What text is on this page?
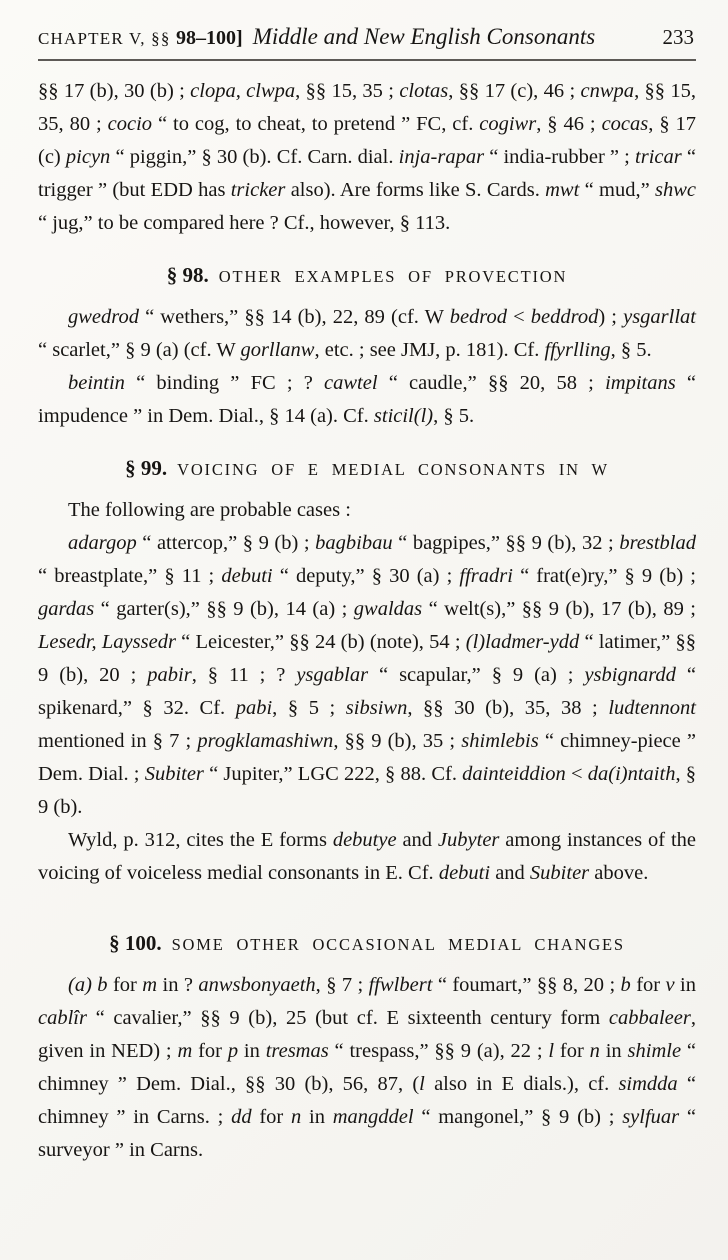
CHAPTER V, §§ 98–100] Middle and New English Consonants	233

§§ 17 (b), 30 (b) ; clopa, clwpa, §§ 15, 35 ; clotas, §§ 17 (c), 46 ; cnwpa, §§ 15, 35, 80 ; cocio “ to cog, to cheat, to pretend ” FC, cf. cogiwr, § 46 ; cocas, § 17 (c) picyn “ piggin,” § 30 (b). Cf. Carn. dial. inja-rapar “ india-rubber ” ; tricar “ trigger ” (but EDD has tricker also). Are forms like S. Cards. mwt “ mud,” shwc “ jug,” to be compared here ? Cf., however, § 113.

§ 98. OTHER EXAMPLES OF PROVECTION

gwedrod “ wethers,” §§ 14 (b), 22, 89 (cf. W bedrod < beddrod) ; ysgarllat “ scarlet,” § 9 (a) (cf. W gorllanw, etc. ; see JMJ, p. 181). Cf. ffyrlling, § 5.

beintin “ binding ” FC ; ? cawtel “ caudle,” §§ 20, 58 ; impitans “ impudence ” in Dem. Dial., § 14 (a). Cf. sticil(l), § 5.

§ 99. VOICING OF E MEDIAL CONSONANTS IN W

The following are probable cases :

adargop “ attercop,” § 9 (b) ; bagbibau “ bagpipes,” §§ 9 (b), 32 ; brestblad “ breastplate,” § 11 ; debuti “ deputy,” § 30 (a) ; ffradri “ frat(e)ry,” § 9 (b) ; gardas “ garter(s),” §§ 9 (b), 14 (a) ; gwaldas “ welt(s),” §§ 9 (b), 17 (b), 89 ; Lesedr, Layssedr “ Leicester,” §§ 24 (b) (note), 54 ; (l)ladmer-ydd “ latimer,” §§ 9 (b), 20 ; pabir, § 11 ; ? ysgablar “ scapular,” § 9 (a) ; ysbignardd “ spikenard,” § 32. Cf. pabi, § 5 ; sibsiwn, §§ 30 (b), 35, 38 ; ludtennont mentioned in § 7 ; progklamashiwn, §§ 9 (b), 35 ; shimlebis “ chimney-piece ” Dem. Dial. ; Subiter “ Jupiter,” LGC 222, § 88. Cf. dainteiddion < da(i)ntaith, § 9 (b).

Wyld, p. 312, cites the E forms debutye and Jubyter among instances of the voicing of voiceless medial consonants in E. Cf. debuti and Subiter above.

§ 100. SOME OTHER OCCASIONAL MEDIAL CHANGES

(a) b for m in ? anwsbonyaeth, § 7 ; ffwlbert “ foumart,” §§ 8, 20 ; b for v in cablîr “ cavalier,” §§ 9 (b), 25 (but cf. E sixteenth century form cabbaleer, given in NED) ; m for p in tresmas “ trespass,” §§ 9 (a), 22 ; l for n in shimle “ chimney ” Dem. Dial., §§ 30 (b), 56, 87, (l also in E dials.), cf. simdda “ chimney ” in Carns. ; dd for n in mangddel “ mangonel,” § 9 (b) ; sylfuar “ surveyor ” in Carns.
